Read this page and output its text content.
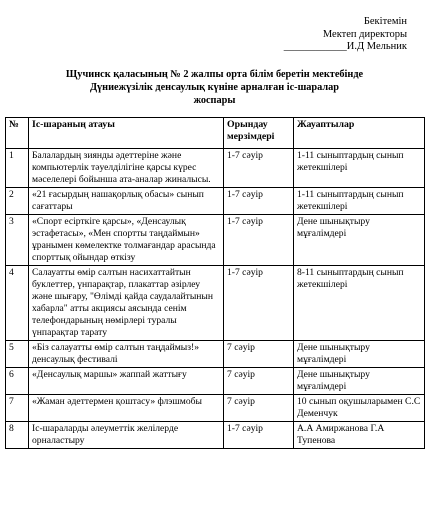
Бекітемін
Мектеп директоры
____________И.Д Мельник
Щучинск қаласының № 2 жалпы орта білім беретін мектебінде
Дүниежүзілік денсаулық күніне арналған іс-шаралар
жоспары
№	Іс-шараның атауы	Орындау мерзімдері	Жауаптылар
1	Балалардың зиянды әдеттеріне және компьютерлік тәуелділігіне қарсы күрес мәселелері бойынша ата-аналар жиналысы.	1-7 сәуір	1-11 сыныптардың сынып жетекшілері
2	«21 ғасырдың нашақорлық обасы» сынып сағаттары	1-7 сәуір	1-11 сыныптардың сынып жетекшілері
3	«Спорт есірткіге қарсы», «Денсаулық эстафетасы», «Мен спортты таңдаймын» ұранымен көмелектке толмағандар арасында спорттық ойындар өткізу	1-7 сәуір	Дене шынықтыру мұғалімдері
4	Салауатты өмір салтын насихаттайтын буклеттер, үнпарақтар, плакаттар әзірлеу және шығару, "Өлімді қайда саудалайтынын хабарла" атты акциясы аясында сенім телефондарының нөмірлері туралы үнпарақтар тарату	1-7 сәуір	8-11 сыныптардың сынып жетекшілері
5	«Біз салауатты өмір салтын таңдаймыз!» денсаулық фестивалі	7 сәуір	Дене шынықтыру мұғалімдері
6	«Денсаулық маршы» жаппай жаттығу	7 сәуір	Дене шынықтыру мұғалімдері
7	«Жаман әдеттермен қоштасу» флэшмобы	7 сәуір	10 сынып оқушыларымен С.С Деменчук
8	Іс-шараларды әлеуметтік желілерде орналастыру	1-7 сәуір	А.А Амиржанова Г.А Тупенова
